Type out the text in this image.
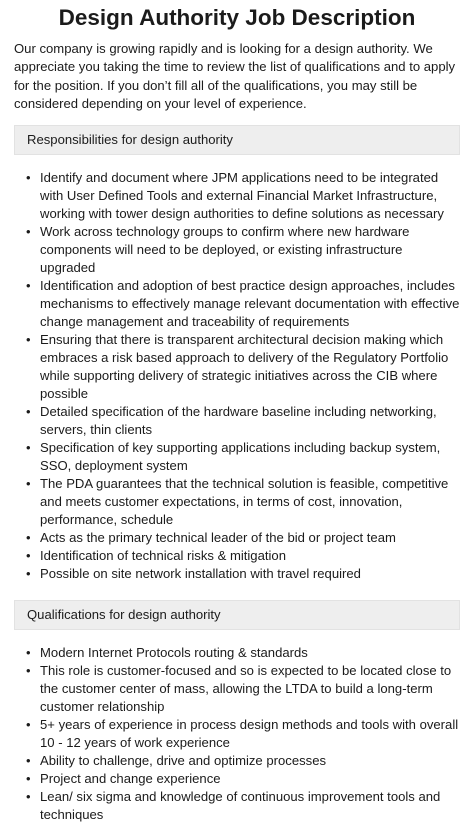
Design Authority Job Description

Our company is growing rapidly and is looking for a design authority. We appreciate you taking the time to review the list of qualifications and to apply for the position. If you don’t fill all of the qualifications, you may still be considered depending on your level of experience.

Responsibilities for design authority
• Identify and document where JPM applications need to be integrated with User Defined Tools and external Financial Market Infrastructure, working with tower design authorities to define solutions as necessary
• Work across technology groups to confirm where new hardware components will need to be deployed, or existing infrastructure upgraded
• Identification and adoption of best practice design approaches, includes mechanisms to effectively manage relevant documentation with effective change management and traceability of requirements
• Ensuring that there is transparent architectural decision making which embraces a risk based approach to delivery of the Regulatory Portfolio while supporting delivery of strategic initiatives across the CIB where possible
• Detailed specification of the hardware baseline including networking, servers, thin clients
• Specification of key supporting applications including backup system, SSO, deployment system
• The PDA guarantees that the technical solution is feasible, competitive and meets customer expectations, in terms of cost, innovation, performance, schedule
• Acts as the primary technical leader of the bid or project team
• Identification of technical risks & mitigation
• Possible on site network installation with travel required
Qualifications for design authority
• Modern Internet Protocols routing & standards
• This role is customer-focused and so is expected to be located close to the customer center of mass, allowing the LTDA to build a long-term customer relationship
• 5+ years of experience in process design methods and tools with overall 10 - 12 years of work experience
• Ability to challenge, drive and optimize processes
• Project and change experience
• Lean/ six sigma and knowledge of continuous improvement tools and techniques
